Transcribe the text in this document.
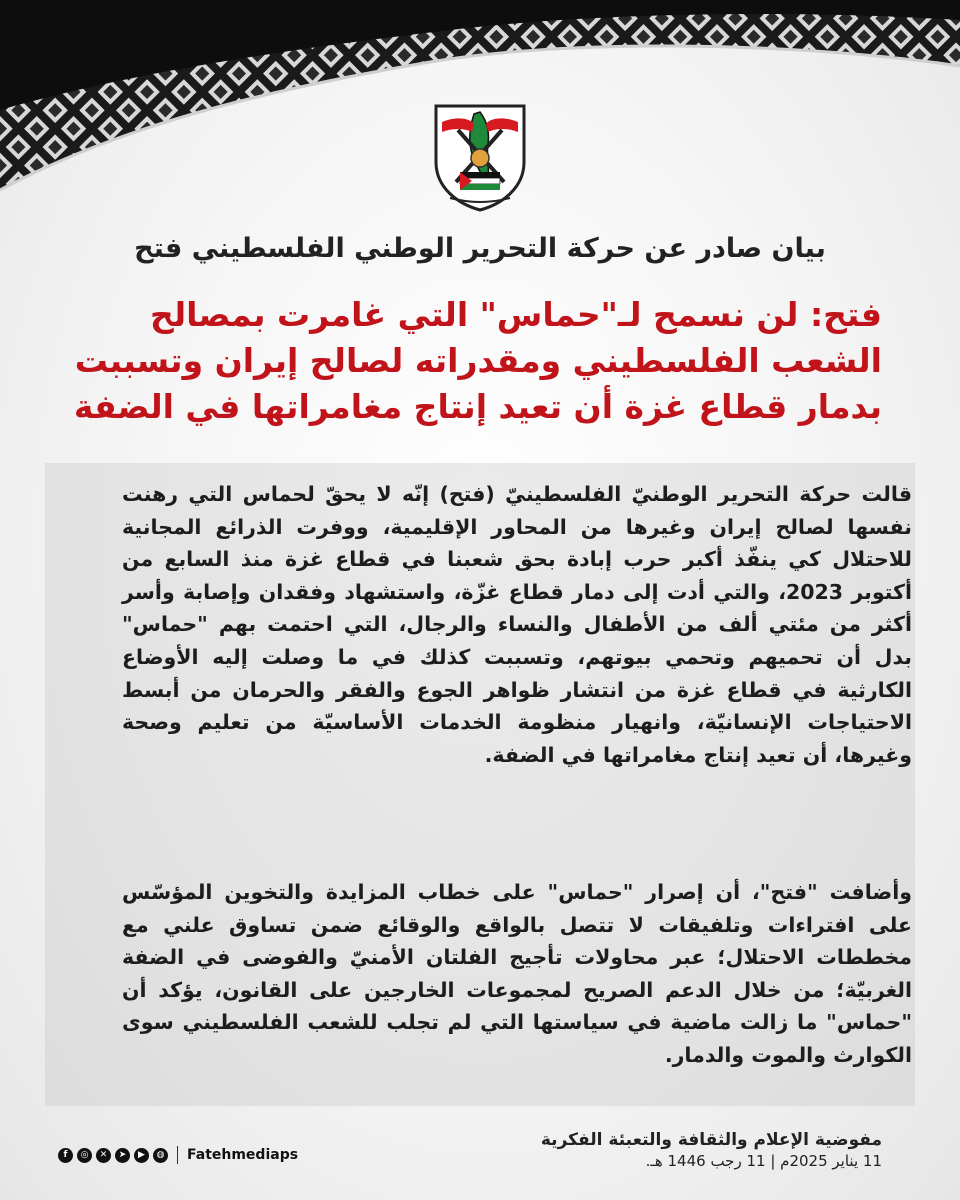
بيان صادر عن حركة التحرير الوطني الفلسطيني فتح
فتح: لن نسمح لـ"حماس" التي غامرت بمصالح الشعب الفلسطيني ومقدراته لصالح إيران وتسببت بدمار قطاع غزة أن تعيد إنتاج مغامراتها في الضفة
قالت حركة التحرير الوطنيّ الفلسطينيّ (فتح) إنّه لا يحقّ لحماس التي رهنت نفسها لصالح إيران وغيرها من المحاور الإقليمية، ووفرت الذرائع المجانية للاحتلال كي ينفّذ أكبر حرب إبادة بحق شعبنا في قطاع غزة منذ السابع من أكتوبر 2023، والتي أدت إلى دمار قطاع غزّة، واستشهاد وفقدان وإصابة وأسر أكثر من مئتي ألف من الأطفال والنساء والرجال، التي احتمت بهم "حماس" بدل أن تحميهم وتحمي بيوتهم، وتسببت كذلك في ما وصلت إليه الأوضاع الكارثية في قطاع غزة من انتشار ظواهر الجوع والفقر والحرمان من أبسط الاحتياجات الإنسانيّة، وانهيار منظومة الخدمات الأساسيّة من تعليم وصحة وغيرها، أن تعيد إنتاج مغامراتها في الضفة.
وأضافت "فتح"، أن إصرار "حماس" على خطاب المزايدة والتخوين المؤسّس على افتراءات وتلفيقات لا تتصل بالواقع والوقائع ضمن تساوق علني مع مخططات الاحتلال؛ عبر محاولات تأجيج الفلتان الأمنيّ والفوضى في الضفة الغربيّة؛ من خلال الدعم الصريح لمجموعات الخارجين على القانون، يؤكد أن "حماس" ما زالت ماضية في سياستها التي لم تجلب للشعب الفلسطيني سوى الكوارث والموت والدمار.
مفوضية الإعلام والثقافة والتعبئة الفكرية
11 يناير 2025م | 11 رجب 1446 هـ.
f	◎	✕	➤	▶	◍ Fatehmediaps
